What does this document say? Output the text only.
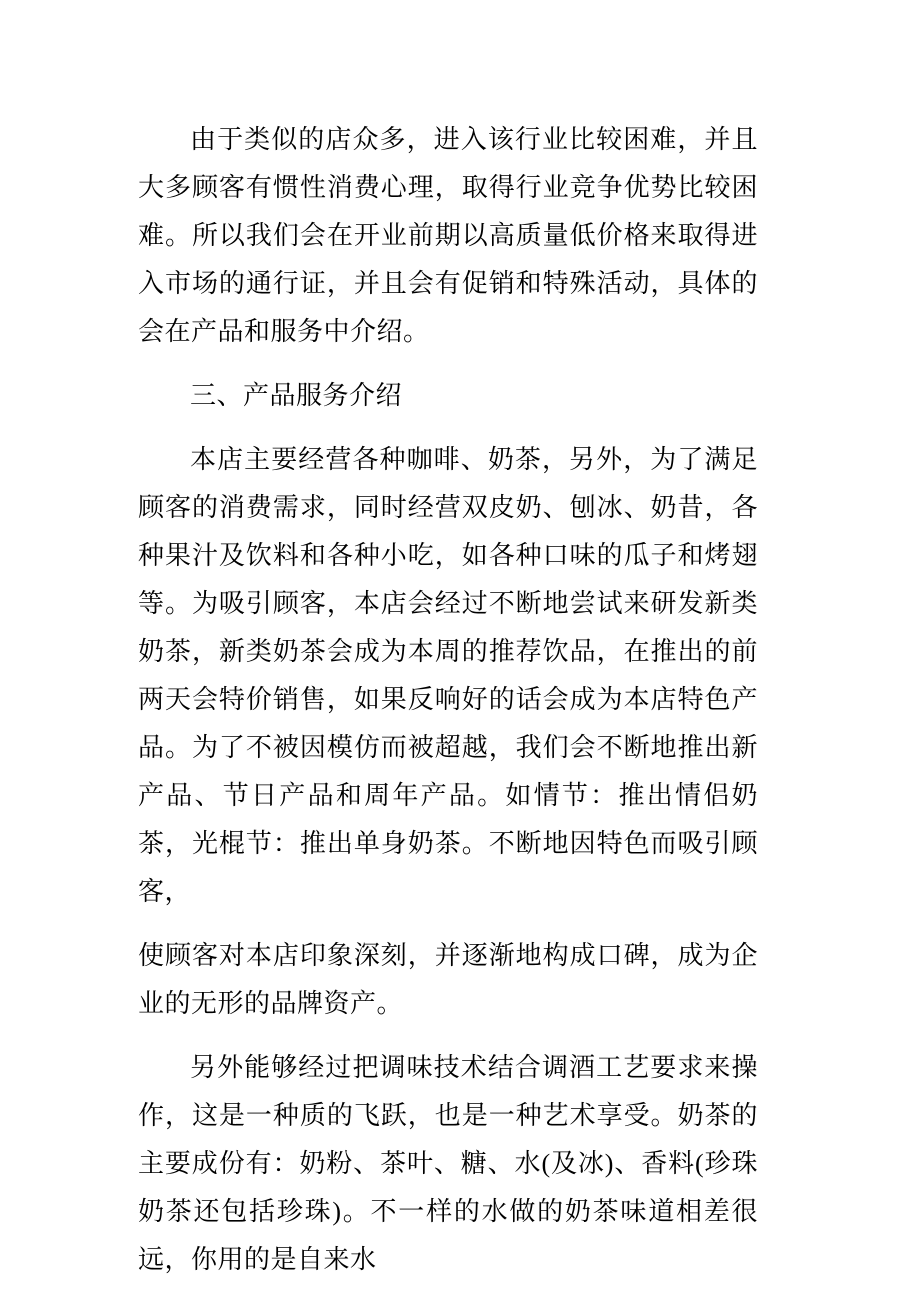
由于类似的店众多，进入该行业比较困难，并且大多顾客有惯性消费心理，取得行业竞争优势比较困难。所以我们会在开业前期以高质量低价格来取得进入市场的通行证，并且会有促销和特殊活动，具体的会在产品和服务中介绍。

三、产品服务介绍

本店主要经营各种咖啡、奶茶，另外，为了满足顾客的消费需求，同时经营双皮奶、刨冰、奶昔，各种果汁及饮料和各种小吃，如各种口味的瓜子和烤翅等。为吸引顾客，本店会经过不断地尝试来研发新类奶茶，新类奶茶会成为本周的推荐饮品，在推出的前两天会特价销售，如果反响好的话会成为本店特色产品。为了不被因模仿而被超越，我们会不断地推出新产品、节日产品和周年产品。如情节：推出情侣奶茶，光棍节：推出单身奶茶。不断地因特色而吸引顾客，

使顾客对本店印象深刻，并逐渐地构成口碑，成为企业的无形的品牌资产。

另外能够经过把调味技术结合调酒工艺要求来操作，这是一种质的飞跃，也是一种艺术享受。奶茶的主要成份有：奶粉、茶叶、糖、水(及冰)、香料(珍珠奶茶还包括珍珠)。不一样的水做的奶茶味道相差很远，你用的是自来水
